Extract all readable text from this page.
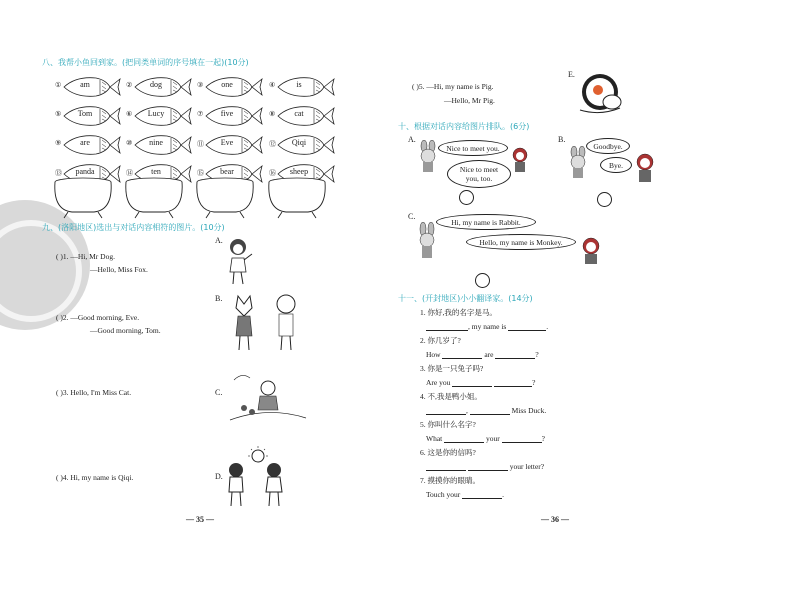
八、我帮小鱼回到家。(把同类单词的序号填在一起)(10分)
①	am	②	dog	③	one	④	is
⑤	Tom	⑥	Lucy	⑦	five	⑧	cat
⑨	are	⑩	nine	⑪	Eve	⑫	Qiqi
⑬	panda	⑭	ten	⑮	bear	⑯	sheep
九、(洛阳地区)选出与对话内容相符的图片。(10分)
( )1. —Hi, Mr Dog.
—Hello, Miss Fox.
( )2. —Good morning, Eve.
—Good morning, Tom.
( )3. Hello, I'm Miss Cat.
( )4. Hi, my name is Qiqi.
A.
B.
C.
D.
— 35 —
( )5. —Hi, my name is Pig.
—Hello, Mr Pig.
E.
十、根据对话内容给图片排队。(6分)
A.	B.
C.
Nice to meet you.
Nice to meet
you, too.
Goodbye.
Bye.
Hi, my name is Rabbit.
Hello, my name is Monkey.
十一、(开封地区)小小翻译家。(14分)
1. 你好,我的名字是马。
, my name is	.
2. 你几岁了?
How	are	?
3. 你是一只兔子吗?
Are you	?
4. 不,我是鸭小姐。
,	Miss Duck.
5. 你叫什么名字?
What	your	?
6. 这是你的信吗?
your letter?
7. 摸摸你的眼睛。
Touch your	.
— 36 —
